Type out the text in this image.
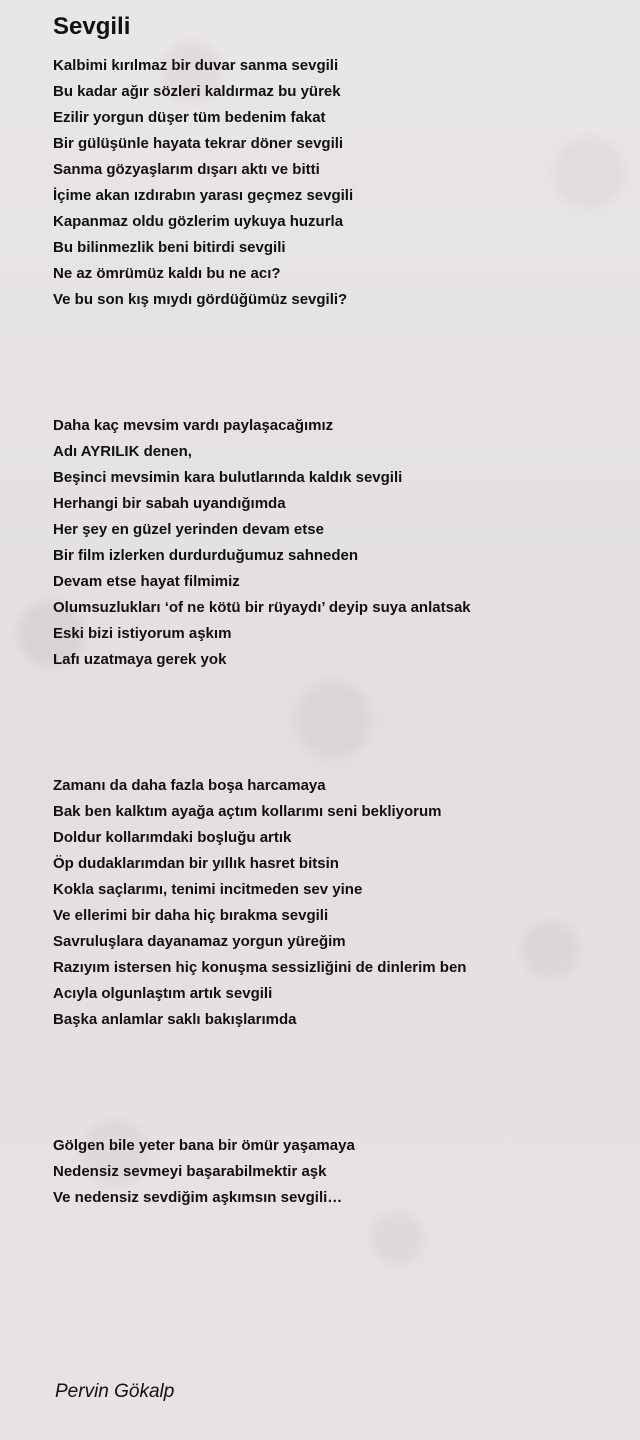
Sevgili
Kalbimi kırılmaz bir duvar sanma sevgili
Bu kadar ağır sözleri kaldırmaz bu yürek
Ezilir yorgun düşer tüm bedenim fakat
Bir gülüşünle hayata tekrar döner sevgili
Sanma gözyaşlarım dışarı aktı ve bitti
İçime akan ızdırabın yarası geçmez sevgili
Kapanmaz oldu gözlerim uykuya huzurla
Bu bilinmezlik beni bitirdi sevgili
Ne az ömrümüz kaldı bu ne acı?
Ve bu son kış mıydı gördüğümüz sevgili?
Daha kaç mevsim vardı paylaşacağımız
Adı AYRILIK denen,
Beşinci mevsimin kara bulutlarında kaldık sevgili
Herhangi bir sabah uyandığımda
Her şey en güzel yerinden devam etse
Bir film izlerken durdurduğumuz sahneden
Devam etse hayat filmimiz
Olumsuzlukları ‘of ne kötü bir rüyaydı’ deyip suya anlatsak
Eski bizi istiyorum aşkım
Lafı uzatmaya gerek yok
Zamanı da daha fazla boşa harcamaya
Bak ben kalktım ayağa açtım kollarımı seni bekliyorum
Doldur kollarımdaki boşluğu artık
Öp dudaklarımdan bir yıllık hasret bitsin
Kokla saçlarımı, tenimi incitmeden sev yine
Ve ellerimi bir daha hiç bırakma sevgili
Savruluşlara dayanamaz yorgun yüreğim
Razıyım istersen hiç konuşma sessizliğini de dinlerim ben
Acıyla olgunlaştım artık sevgili
Başka anlamlar saklı bakışlarımda
Gölgen bile yeter bana bir ömür yaşamaya
Nedensiz sevmeyi başarabilmektir aşk
Ve nedensiz sevdiğim aşkımsın sevgili…
Pervin Gökalp
